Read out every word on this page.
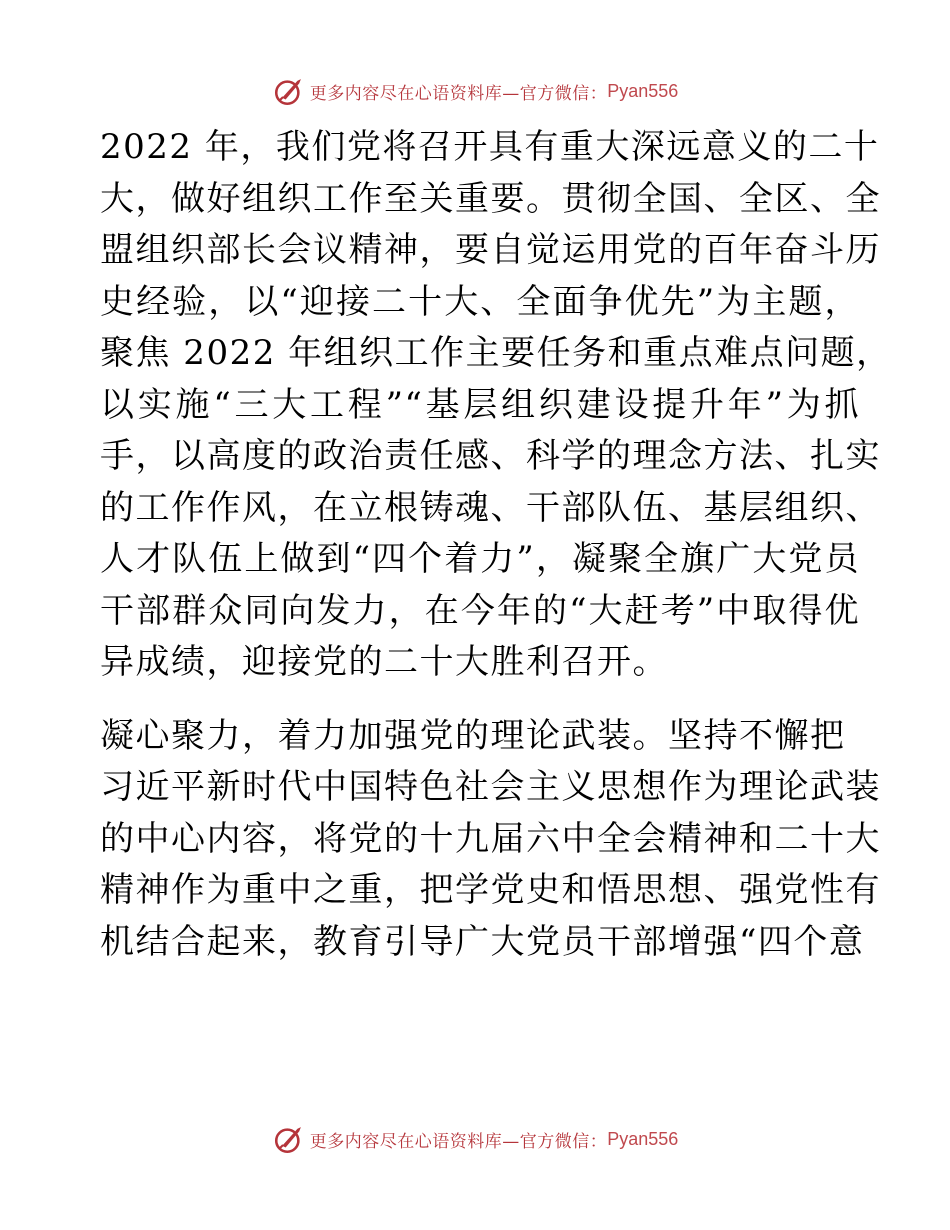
更多内容尽在心语资料库—官方微信： Pyan556

2022 年，我们党将召开具有重大深远意义的二十
大，做好组织工作至关重要。贯彻全国、全区、全
盟组织部长会议精神，要自觉运用党的百年奋斗历
史经验，以“迎接二十大、全面争优先”为主题，
聚焦 2022 年组织工作主要任务和重点难点问题，
以实施“三大工程”“基层组织建设提升年”为抓
手，以高度的政治责任感、科学的理念方法、扎实
的工作作风，在立根铸魂、干部队伍、基层组织、
人才队伍上做到“四个着力”，凝聚全旗广大党员
干部群众同向发力，在今年的“大赶考”中取得优
异成绩，迎接党的二十大胜利召开。

凝心聚力，着力加强党的理论武装。坚持不懈把
习近平新时代中国特色社会主义思想作为理论武装
的中心内容，将党的十九届六中全会精神和二十大
精神作为重中之重，把学党史和悟思想、强党性有
机结合起来，教育引导广大党员干部增强“四个意

更多内容尽在心语资料库—官方微信： Pyan556
